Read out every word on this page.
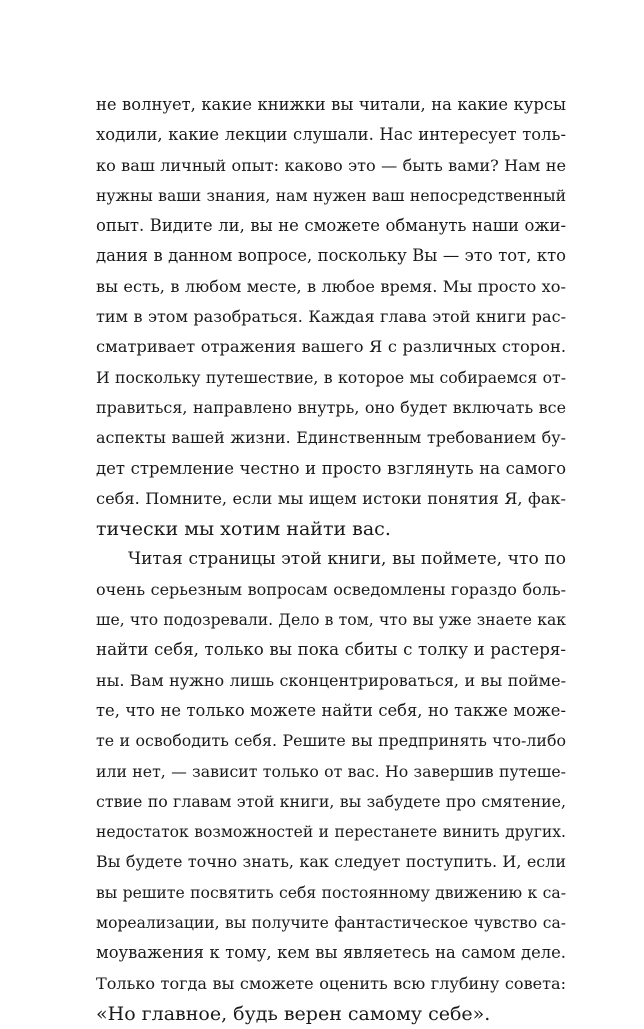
не волнует, какие книжки вы читали, на какие курсы
ходили, какие лекции слушали. Нас интересует толь-
ко ваш личный опыт: каково это — быть вами? Нам не
нужны ваши знания, нам нужен ваш непосредственный
опыт. Видите ли, вы не сможете обмануть наши ожи-
дания в данном вопросе, поскольку Вы — это тот, кто
вы есть, в любом месте, в любое время. Мы просто хо-
тим в этом разобраться. Каждая глава этой книги рас-
сматривает отражения вашего Я с различных сторон.
И поскольку путешествие, в которое мы собираемся от-
правиться, направлено внутрь, оно будет включать все
аспекты вашей жизни. Единственным требованием бу-
дет стремление честно и просто взглянуть на самого
себя. Помните, если мы ищем истоки понятия Я, фак-
тически мы хотим найти вас.
Читая страницы этой книги, вы поймете, что по
очень серьезным вопросам осведомлены гораздо боль-
ше, что подозревали. Дело в том, что вы уже знаете как
найти себя, только вы пока сбиты с толку и растеря-
ны. Вам нужно лишь сконцентрироваться, и вы пойме-
те, что не только можете найти себя, но также може-
те и освободить себя. Решите вы предпринять что-либо
или нет, — зависит только от вас. Но завершив путеше-
ствие по главам этой книги, вы забудете про смятение,
недостаток возможностей и перестанете винить других.
Вы будете точно знать, как следует поступить. И, если
вы решите посвятить себя постоянному движению к са-
мореализации, вы получите фантастическое чувство са-
моуважения к тому, кем вы являетесь на самом деле.
Только тогда вы сможете оценить всю глубину совета:
«Но главное, будь верен самому себе».
